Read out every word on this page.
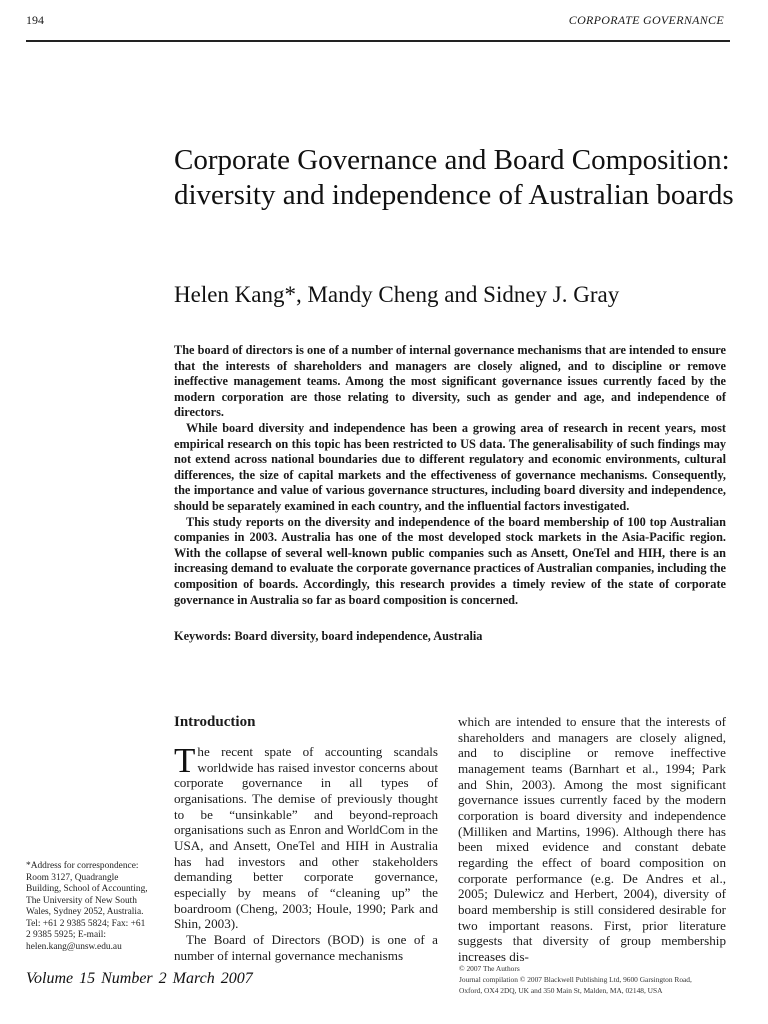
194	CORPORATE GOVERNANCE
Corporate Governance and Board Composition: diversity and independence of Australian boards
Helen Kang*, Mandy Cheng and Sidney J. Gray

The board of directors is one of a number of internal governance mechanisms that are intended to ensure that the interests of shareholders and managers are closely aligned, and to discipline or remove ineffective management teams. Among the most significant governance issues currently faced by the modern corporation are those relating to diversity, such as gender and age, and independence of directors.

While board diversity and independence has been a growing area of research in recent years, most empirical research on this topic has been restricted to US data. The generalisability of such findings may not extend across national boundaries due to different regulatory and economic environments, cultural differences, the size of capital markets and the effectiveness of governance mechanisms. Consequently, the importance and value of various governance structures, including board diversity and independence, should be separately examined in each country, and the influential factors investigated.

This study reports on the diversity and independence of the board membership of 100 top Australian companies in 2003. Australia has one of the most developed stock markets in the Asia-Pacific region. With the collapse of several well-known public companies such as Ansett, OneTel and HIH, there is an increasing demand to evaluate the corporate governance practices of Australian companies, including the composition of boards. Accordingly, this research provides a timely review of the state of corporate governance in Australia so far as board composition is concerned.

Keywords: Board diversity, board independence, Australia
Introduction

The recent spate of accounting scandals worldwide has raised investor concerns about corporate governance in all types of organisations. The demise of previously thought to be “unsinkable” and beyond-reproach organisations such as Enron and WorldCom in the USA, and Ansett, OneTel and HIH in Australia has had investors and other stakeholders demanding better corporate governance, especially by means of “cleaning up” the boardroom (Cheng, 2003; Houle, 1990; Park and Shin, 2003).

The Board of Directors (BOD) is one of a number of internal governance mechanisms

which are intended to ensure that the interests of shareholders and managers are closely aligned, and to discipline or remove ineffective management teams (Barnhart et al., 1994; Park and Shin, 2003). Among the most significant governance issues currently faced by the modern corporation is board diversity and independence (Milliken and Martins, 1996). Although there has been mixed evidence and constant debate regarding the effect of board composition on corporate performance (e.g. De Andres et al., 2005; Dulewicz and Herbert, 2004), diversity of board membership is still considered desirable for two important reasons. First, prior literature suggests that diversity of group membership increases dis-

*Address for correspondence: Room 3127, Quadrangle Building, School of Accounting, The University of New South Wales, Sydney 2052, Australia. Tel: +61 2 9385 5824; Fax: +61 2 9385 5925; E-mail: helen.kang@unsw.edu.au
Volume 15 Number 2 March 2007
© 2007 The Authors
Journal compilation © 2007 Blackwell Publishing Ltd, 9600 Garsington Road,
Oxford, OX4 2DQ, UK and 350 Main St, Malden, MA, 02148, USA
